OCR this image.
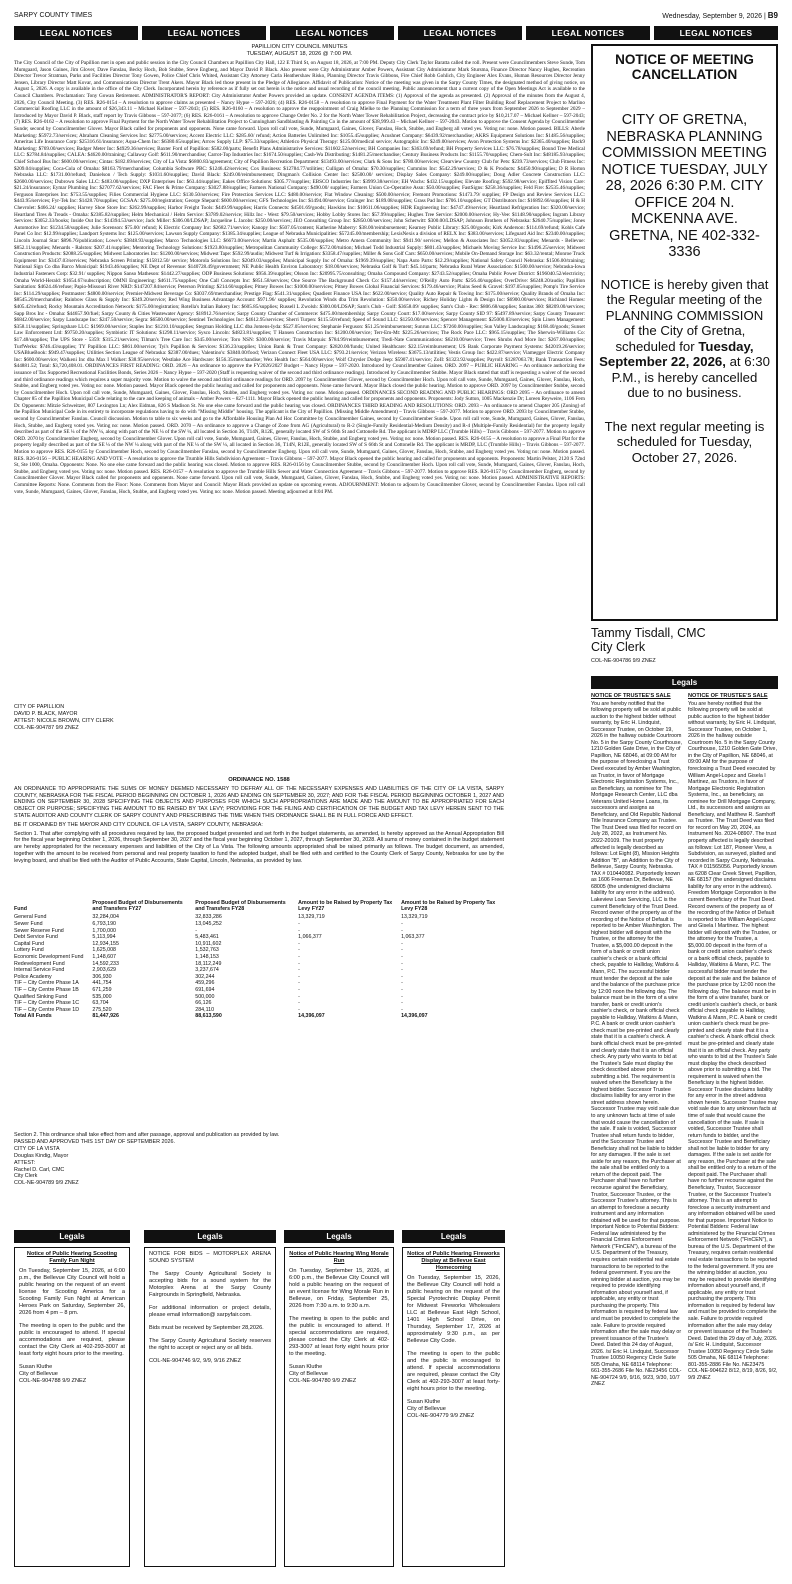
SARPY COUNTY TIMES	Wednesday, September 9, 2026 | B9
LEGAL NOTICES	LEGAL NOTICES	LEGAL NOTICES	LEGAL NOTICES	LEGAL NOTICES	LEGAL NOTICES
PAPILLION CITY COUNCIL MINUTES
TUESDAY, AUGUST 18, 2026 @ 7:00 PM.
The City Council of the City of Papillion met in open and public session in the City Council Chambers at Papillion City Hall, 122 E Third St, on August 18, 2026, at 7:00 PM. Deputy City Clerk Taylor Baratta called the roll. Present were Councilmembers Steve Sunde, Tom Mumgaard, Jason Gaines, Jim Glover, Dave Fanslau, Becky Hoch, Bob Stubbe, Steve Engberg, and Mayor David P. Black. Also present were City Administrator Amber Powers, Assistant City Administrator Mark Stursma, Finance Director Nancy Hughes, Recreation Director Trevor Stratman, Parks and Facilities Director Tony Gowen, Police Chief Chris Whited, Assistant City Attorney Carla Heathershaw Risko, Planning Director Travis Gibbons, Fire Chief Robb Gohlich, City Engineer Alex Evans, Human Resources Director Jenny Jensen, Library Director Matt Kovar, and Communications Director Trent Akers. Mayor Black led those present in the Pledge of Allegiance. Affidavit of Publication: Notice of the meeting was given in the Sarpy County Times, the designated method of giving notice, on August 5, 2026. A copy is available in the office of the City Clerk. Incorporated herein by reference as if fully set out herein is the notice and usual recording of the council meeting. Public announcement that a current copy of the Open Meetings Act is available to the Council Chambers. Proclamation: Tony Gowan Retirement. ADMINISTRATOR'S REPORT: City Administrator Amber Powers provided an update. CONSENT AGENDA ITEMS: (1) Approval of the agenda as presented. (2) Approval of the minutes from the August 4, 2026, City Council Meeting. (3) RES. R26-0154 – A resolution to approve claims as presented – Nancy Hypse – 597-2026; (4) RES. R26-0158 – A resolution to approve Final Payment for the Water Treatment Plant Filter Building Roof Replacement Project to Marlino Commercial Roofing LLC in the amount of $26,343.11 – Michael Kellner – 597-2043; (5) RES. R26-0160 – A resolution to approve the reappointment of Craig Mielke to the Planning Commission for a term of three years from September 2026 to September 2029 – Introduced by Mayor David P. Black, staff report by Travis Gibbons – 597-2077; (6) RES. R26-0161 – A resolution to approve Change Order No. 2 for the North Water Tower Rehabilitation Project, decreasing the contract price by $10,217.07 – Michael Kellner – 597-2043; (7) RES. R26-0162 – A resolution to approve Final Payment for the North Water Tower Rehabilitation Project to Cunningham Sandblasting & Painting Co in the amount of $38,999.43 – Michael Kellner – 597-2043. Motion to approve the Consent Agenda by Councilmember Sunde; second by Councilmember Glover. Mayor Black called for proponents and opponents. None came forward. Upon roll call vote, Sunde, Mumgaard, Gaines, Glover, Fanslau, Hoch, Stubbe, and Engberg all voted yes. Voting no: none. Motion passed. BILLS: Aberle Marketing: $5972.73/services; Abraham Cleaning Services Inc: $2775.00/services; Accent Electric LLC: $285.60/ refund; Action Batteries Unlimited Inc: $1055.45/supplies; Acushnet Company: $6439.92/merchandise; AKRS Equipment Solutions Inc: $1485.56/supplies; Ameritas Life Insurance Corp: $25316.61/insurance; Aqua-Chem Inc: $6380.65/supplies; Arrow Supply LLP: $75.33/supplies; Athletico Physical Therapy: $125.00/medical service; Autographic Inc: $249.00/services; Avon Protection Systems Inc: $2365.40/supplies; Back9 Marketing: $769.00/services; Badger Meter Inc: $4929.36/services; Baxter Ford of Papillion: $582.00/parts; Benefit Plans Administrative Services: $11602.52/services; BH Companies Inc: $363.69/refund; BH Property Services LLC: $76.78/supplies; Bound Tree Medical LLC: $2784.84/supplies; CALEA: $4620.00/training; Callaway Golf: $611.90/merchandise; Carrot-Top Industries Inc: $1674.50/supplies; Cash-Wa Distributing: $1481.25/merchandise; Century Business Products Inc: $1155.70/supplies; Chem-Sult Inc: $48185.93/supplies; Chief School Bus Inc: $600.00/services; Cintas: $182.69/services; City of La Vista: $6800.83/agreement; City of Papillion Recreation Department: $13493.00/services; Clark & Sons Inc: $780.00/services; Clearview Country Club for Pets: $239.73/services; Club Fitness Inc: $209.04/supplies; Coca-Cola of Omaha: $8163.79/merchandise; Columbia Software PBC: $1246.42/services; Cox Business: $12784.77/utilities; Culligan of Omaha: $70.30/supplies; Cummins Inc: $542.29/services; D & K Products: $4450.90/supplies; D R Horton Nebraska LLC: $1731.00/refund; Danielson / Tech Supply: $1031.60/supplies; David Black: $249.00/reimbursement; Dingman's Collision Center Inc: $2500.00/ services; Display Sales Company: $249.00/supplies; Doug Adler Concrete Construction LLC: $2600.00/services; Dubrown Sales LLC: $483.00/supplies; DXP Enterprises Inc: $63.44/supplies; Eakes Office Solutions: $305.77/supplies; EBSCO Industries Inc: $3999.38/service; EH Wachs: $432.15/supplies; Elevate Roofing: $592.98/service; Epiffited Vision Care: $21.24/insurance; Eymar Plumbing Inc: $27077.62/services; FAC Fleet & Prime Company: $3027.88/supplies; Farmers National Company: $490.00/ supplies; Farmers Union Co-Operative Assn: $50.00/supplies; FastSigns: $258.36/supplies; Feld Fire: $2535.46/supplies; Ferguson Enterprises Inc: $753.55/supplies; Filies Commercial Hygiene LLC: $130.50/services; Fire Protection Services LLC: $480.00/service; Flat Window Cleaning: $500.00/service; Fremont Promotions: $1473.79/ supplies; FP Design and Review Services LLC: $443.95/services; Fyr-Tek Inc: $1428.70/supplies; GCSAA: $275.00/registration; George Shepard: $600.00/services; GFS Technologies Inc: $1494.00/service; Grainger Inc: $189.08/supplies; Grass Pad Inc: $706.10/supplies; GT Distributors Inc: $16892.66/supplies; H & H Chevrolet: $466.24/ supplies; Harvey Shoe Store Inc: $262.99/supplies; Harbor Freight Tools: $449.99/supplies; Harris Connects: $4501.69/goods; Hawkins Inc: $10611.06/supplies; HDR Engineering Inc: $4747.49/service; Heartland Refrigeration Inc: $320.00/service; Heartland Tires & Treads - Omaha: $2385.82/supplies; Helm Mechanical / Helm Service: $3789.02/service; Hillz Inc - West: $79.50/services; Hobby Lobby Stores Inc: $57.99/supplies; Hughes Tree Service: $2000.00/service; Hy-Vee: $1148.90/supplies; Ingram Library Services: $3052.33/books; Inside Out Inc: $14394.53/service; Jack Miller: $306.00/LDSAP; Jacqueline L Jacobs: $250.00/services; JEO Consulting Group Inc: $2850.00/services; John Scherwitt: $300.00/LDSAP; Johnson Brothers of Nebraska: $2640.75/supplies; Jones Automotive Inc: $1234.58/supplies; Julie Sorenson: $75.00/ refund; K Electric Company Inc: $2682.71/service; Kanopy Inc: $507.05/content; Katherine Maberry: $38.00/reimbursement; Kearney Public Library: $25.00/goods; Kirk Anderson: $114.69/refund; Kohls Cafe Panel Co Inc: $12.99/supplies; Landport Systems Inc: $125.00/services; Lawson Supply Company: $1385.34/supplies; League of Nebraska Municipalities: $57245.00/membership; LexisNexis a division of RELX Inc: $383.00/services; Lifeguard Aid Inc: $2340.00/supplies; Lincoln Journal Star: $896.76/publication; Lowe's: $3848.93/supplies; Marco Technologies LLC: $6673.00/service; Martin Asphalt: $535.00/supplies; Metro Amera Community Inc: $941.90/ services; Mellon & Associates Inc: $3052.83/supplies; Menards - Bellevue: $852.11/supplies; Menards - Ralston: $207.41/supplies; Mentoring Technology Solutions: $1923.80/supplies; Metropolitan Community College: $572.00/tuition; Michael Todd Industrial Supply: $801.43/supplies; Michaels Moving Service Inc: $1496.25/service; Midwest Construction Products: $2088.25/supplies; Midwest Laboratories Inc: $1200.00/services; Midwest Tape: $592.99/audio; Midwest Turf & Irrigation: $3358.47/supplies; Miller & Sons Golf Cars: $650.00/services; Mobile On-Demand Storage Inc: $63.32/rental; Monroe Truck Equipment Inc: $3437.03/services; Nebraska Screen Printing: $15812.50/ service; Motorola Solutions Inc: $2049.03/supplies; Municipal Supply Inc of Omaha: $1969.39/supplies; Napa Auto Parts: $12.29/supplies; National Safety Council Nebraska: $1506.00/training; National Sign Co dba Barco Municipal: $1943.46/supplies; NE Dept of Revenue: $140728.49/government; NE Public Health Environ Laboratory: $18.00/services; Nebraska Golf & Turf: $45.14/parts; Nebraska Rural Water Association: $1500.00/service; Nebraska-Iowa Industrial Fasteners Corp: $32.91/ supplies; Nippon Sanso Matheson: $1442.27/supplies; ODP Business Solutions: $956.39/supplies; Olsson Inc: $20995.75/consulting; Omaha Compound Company: $2743.52/supplies; Omaha Public Power District: $196040.52/electricity; Omaha World-Herald: $1654.67/subscription; OMNI Engineering: $4611.75/supplies; One Call Concepts Inc: $851.58/services; One Source The Background Check Co: $157.44/services; O'Reilly Auto Parts: $256.40/supplies; OverDrive: $6248.20/audio; Papillion Sanitation: $4624.46/refuse; Papio-Missouri River NRD: $147207.84/service; Peterson Printing: $214.60/supplies; Pitney Bowes Inc: $1000.00/services; Pitney Bowes Global Financial Services: $179.46/service; Plains Seed & Gravel: $197.05/supplies; Pomp's Tire Service Inc: $114.29/supplies; Postmaster: $4800.00/service; Premier-Midwest Beverage Co: $3037.69/merchandise; Prestige Flag: $541.31/supplies; Quadient Finance USA Inc: $622.00/service; Quality Auto Repair & Towing Inc: $175.00/service; Quality Brands of Omaha Inc: $8545.20/merchandise; Rainbow Glass & Supply Inc: $349.20/service; Red Wing Business Advantage Account: $971.96/ supplies; Revolution Winds dba Trim Revolution: $350.00/service; Richey Holiday Lights & Design Inc: $6900.00/services; Richland Homes: $405.42/refund; Rocky Mountain Accreditation Network: $175.00/registration; Rotella's Italian Bakery Inc: $605.85/supplies; Russell L Zwolsh: $300.00/LDSAP; Sam's Club - Golf: $3658.09/ supplies; Sam's Club - Rec: $806.68/supplies; Sanitas 360: $8209.00/services; Sapp Bros Inc - Omaha: $44657.90/fuel; Sarpy County & Cities Wastewater Agency: $18912.76/service; Sarpy County Chamber of Commerce: $475.00/membership; Sarpy County Court: $17.00/service; Sarpy County SID 97: $5497.89/service; Sarpy County Treasurer: $6842.00/service; Sarpy Landscape Inc: $247.50/service; Segra: $6500.00/service; Sentinel Technologies Inc: $4612.95/services; Sherri Turpen: $115.50/refund; Speed of Sound LLC: $1250.00/services; Spencer Management: $25000.83/services; Spin Linen Management: $358.11/supplies; Springshare LLC: $1969.00/service; Staples Inc: $1210.10/supplies; Stegman Holding LLC dba Jomens-Iyda: $527.05/services; Stephanie Ferguson: $51.25/reimbursement; Sunrun LLC: $7260.00/supplies; Sun Valley Landscaping: $168.40/goods; Sunset Law Enforcement Ltd: $9750.20/supplies; Symbiotic IT Solutions: $1298.11/service; Sysco Lincoln: $4823.81/supplies; T Hansen Construction Inc: $1200.00/service; Terr-Em-Mt: $225.26/services; The Rock Pace LLC: $965.15/supplies; The Sherwin-Williams Co: $17.48/supplies; The UPS Store - 5359: $315.21/services; Tilman's Tree Care Inc: $345.00/service; Toro NSN: $300.00/service; Travis Marquis: $784.99/reimbursement; Tredi-Nate Communications: $6210.00/service; Trees Shrubs And More Inc: $267.00/supplies; TurfWerks: $746.43/supplies; TY Papillion LLC: $861.00/service; Tyi's Papillion & Services: $136.23/supplies; Union Bank & Trust Company: $2820.00/funds; United Healthcare: $22.15/reimbursement; US Bank Corporate Payment Systems: $42019.26/service; USABlueBook: $949.47/supplies; Utilities Section League of Nebraska: $2387.00/dues; Valentino's: $3840.00/food; Verizon Connect Fleet USA LLC: $793.21/service; Verizon Wireless: $3675.13/utilities; Vestis Group Inc: $422.87/service; Viamegger Electric Company Inc: $600.00/service; Walkeni Inc dba Max I Walker: $38.95/service; Westlake Ace Hardware: $156.35/merchandise; Wex Health Inc: $564.00/service; Wolf Chrysler Dodge Jeep: $5907.41/service; ZoII: $1323.92/supplies; Payroll: $1287063.78; Bank Transaction Fees: $44881.52; Total: $3,720,408.01. ORDINANCES FIRST READING: ORD. 2026 – An ordinance to approve the FY2026/2027 Budget – Nancy Hypse – 597-2020. Introduced by Councilmember Gaines. ORD. 2097 – PUBLIC HEARING – An ordinance authorizing the issuance of Tax Supported Recreational Facilities Bonds, Series 2026 – Nancy Hypse – 597-2020 (Staff is requesting waiver of the second and third ordinance readings). Introduced by Councilmember Stubbe. Mayor Black stated that staff is requesting a waiver of the second and third ordinance readings which requires a super majority vote. Motion to waive the second and third ordinance readings for ORD. 2097 by Councilmember Glover, second by Councilmember Hoch. Upon roll call vote, Sunde, Mumgaard, Gaines, Glover, Fanslau, Hoch, Stubbe, and Engberg voted yes. Voting no: none. Motion passed. Mayor Black opened the public hearing and called for proponents and opponents. None came forward. Mayor Black closed the public hearing. Motion to approve ORD. 2097 by Councilmember Stubbe, second by Councilmember Hoch. Upon roll call vote, Sunde, Mumgaard, Gaines, Glover, Fanslau, Hoch, Stubbe, and Engberg voted yes. Voting no: none. Motion passed. ORDINANCES SECOND READING AND PUBLIC HEARINGS: ORD 2095 – An ordinance to amend Chapter 85 of the Papillion Municipal Code relating to the care and keeping of animals – Amber Powers – 827-1111. Mayor Black opened the public hearing and called for proponents and opponents. Proponents: Jody Sutton, 1005 Mackenzie Dr; Loreen Reyweire, 1106 Fern Dr. Opponents: Mitzie Schweitzer, 807 Lexington Ln; Alex Eidman, 826 S Madison St. No one else came forward and the public hearing was closed. ORDINANCES THIRD READING AND RESOLUTIONS: ORD. 2093 – An ordinance to amend Chapter 205 (Zoning) of the Papillion Municipal Code in its entirety to incorporate regulations having to do with "Missing Middle" housing. The applicant is the City of Papillion. (Missing Middle Amendment) – Travis Gibbons – 597-2077. Motion to approve ORD. 2093 by Councilmember Stubbe, second by Councilmember Fanslau. Council discussion. Motion to table to six weeks and go to the Affordable Housing Plan Ad Hoc Committee by Councilmember Gaines, second by Councilmember Sunde. Upon roll call vote, Sunde, Mumgaard, Gaines, Glover, Fanslau, Hoch, Stubbe, and Engberg voted yes. Voting no: none. Motion passed. ORD. 2070 – An ordinance to approve a Change of Zone from AG (Agricultural) to R-2 (Single-Family Residential-Medium Density) and R-4 (Multiple-Family Residential) for the property legally described as part of the SE ¼ of the NW ¼, along with part of the NE ¼ of the SW ¼, all located in Section 36, T14N, R12E, generally located SW of S 66th St and Cottonelle Rd. The applicant is MDRP LLC (Trumble Hills) – Travis Gibbons – 597-2077. Motion to approve ORD. 2070 by Councilmember Engberg, second by Councilmember Glover. Upon roll call vote, Sunde, Mumgaard, Gaines, Glover, Fanslau, Hoch, Stubbe, and Engberg voted yes. Voting no: none. Motion passed. RES. R26-0155 – A resolution to approve a Final Plat for the property legally described as part of the SE ¼ of the NW ¼ along with part of the NE ¼ of the SW ¼, all located in Section 36, T14N, R12E, generally located SW of S 66th St and Cottonelle Rd. The applicant is MRDP, LLC (Trumble Hills) – Travis Gibbons – 597-2077. Motion to approve RES. R26-0155 by Councilmember Hoch, second by Councilmember Fanslau, second by Councilmember Engberg. Upon roll call vote, Sunde, Mumgaard, Gaines, Glover, Fanslau, Hoch, Stubbe, and Engberg voted yes. Voting no: none. Motion passed. RES. R26-0156 – PUBLIC HEARING AND VOTE – A resolution to approve the Trumble Hills Subdivision Agreement – Travis Gibbons – 597-2077. Mayor Black opened the public hearing and called for proponents and opponents. Proponents: Martin Pelster, 2120 S 72nd St, Ste 1000, Omaha. Opponents: None. No one else came forward and the public hearing was closed. Motion to approve RES. R26-0156 by Councilmember Stubbe, second by Councilmember Hoch. Upon roll call vote, Sunde, Mumgaard, Gaines, Glover, Fanslau, Hoch, Stubbe, and Engberg voted yes. Voting no: none. Motion passed. RES. R26-0157 – A resolution to approve the Trumble Hills Sewer and Water Connection Agreement – Travis Gibbons – 597-2077. Motion to approve RES. R26-0157 by Councilmember Engberg, second by Councilmember Glover. Mayor Black called for proponents and opponents. None came forward. Upon roll call vote, Sunde, Mumgaard, Gaines, Glover, Fanslau, Hoch, Stubbe, and Engberg voted yes. Voting no: none. Motion passed. ADMINISTRATIVE REPORTS: Committee Reports: None. Comments from the Floor: None. Comments from Mayor and Council: Mayor Black provided an update on upcoming events. ADJOURNMENT: Motion to adjourn by Councilmember Glover, second by Councilmember Fanslau. Upon roll call vote, Sunde, Mumgaard, Gaines, Glover, Fanslau, Hoch, Stubbe, and Engberg voted yes. Voting no: none. Motion passed. Meeting adjourned at 8:04 PM.
CITY OF PAPILLION
DAVID P. BLACK, MAYOR
ATTEST: NICOLE BROWN, CITY CLERK
COL-NE-904787 9/9 ZNEZ
NOTICE OF MEETING CANCELLATION
CITY OF GRETNA, NEBRASKA PLANNING COMMISSION MEETING NOTICE TUESDAY, JULY 28, 2026 6:30 P.M. CITY OFFICE 204 N. MCKENNA AVE. GRETNA, NE 402-332-3336
NOTICE is hereby given that the Regular meeting of the PLANNING COMMISSION of the City of Gretna, scheduled for Tuesday, September 22, 2026, at 6:30 P.M., is hereby cancelled due to no business.
The next regular meeting is scheduled for Tuesday, October 27, 2026.
Tammy Tisdall, CMC
City Clerk
COL-NE-904786 9/9 ZNEZ
Legals
NOTICE OF TRUSTEE'S SALE
You are hereby notified that the following property will be sold at public auction to the highest bidder without warranty, by Eric H. Lindquist, Successor Trustee, on October 19, 2026 in the hallway outside Courtroom No. 5 in the Sarpy County Courthouse, 1210 Golden Gate Drive, in the City of Papillion, NE 68046, at 09:00 AM for the purpose of foreclosing a Trust Deed executed by Amber Washington, as Trustor, in favor of Mortgage Electronic Registration Systems, Inc., as Beneficiary, as nominee for The Mortgage Research Center, LLC dba Veterans United Home Loans, its successors and assigns as Beneficiary, and Old Republic National Title Insurance Company as Trustee. The Trust Deed was filed for record on July 28, 2022, as Instrument No. 2022-20109. The trust property affected is legally described as follows: Lot Eight (8), Mission Heights Addition "B", an Addition to the City of Bellevue, Sarpy County, Nebraska. TAX # 010440082. Purportedly known as 1606 Freeman Dr, Bellevue, NE 68005 (the undersigned disclaims liability for any error in the address). Lakeview Loan Servicing, LLC is the current Beneficiary of the Trust Deed. Record owner of the property as of the recording of the Notice of Default is reported to be Amber Washington. The highest bidder will deposit with the Trustee, or the attorney for the Trustee, a $5,000.00 deposit in the form of a bank or credit union cashier's check or a bank official check, payable to Halliday, Watkins & Mann, P.C. The successful bidder must tender the deposit at the sale and the balance of the purchase price by 12:00 noon the following day. The balance must be in the form of a wire transfer, bank or credit union's cashier's check, or bank official check payable to Halliday, Watkins & Mann, P.C. A bank or credit union cashier's check must be pre-printed and clearly state that it is a cashier's check. A bank official check must be pre-printed and clearly state that it is an official check. Any party who wants to bid at the Trustee's Sale must display the check described above prior to submitting a bid. The requirement is waived when the Beneficiary is the highest bidder. Successor Trustee disclaims liability for any error in the street address shown herein. Successor Trustee may void sale due to any unknown facts at time of sale that would cause the cancellation of the sale. If sale is voided, Successor Trustee shall return funds to bidder, and the Successor Trustee and Beneficiary shall not be liable to bidder for any damages. If the sale is set aside for any reason, the Purchaser at the sale shall be entitled only to a return of the deposit paid. The Purchaser shall have no further recourse against the Beneficiary, Trustor, Successor Trustee, or the Successor Trustee's attorney. This is an attempt to foreclose a security instrument and any information obtained will be used for that purpose. Important Notice to Potential Bidders: Federal law administered by the Financial Crimes Enforcement Network ("FinCEN"), a bureau of the U.S. Department of the Treasury, requires certain residential real estate transactions to be reported to the federal government. If you are the winning bidder at auction, you may be required to provide identifying information about yourself and, if applicable, any entity or trust purchasing the property. This information is required by federal law and must be provided to complete the sale. Failure to provide required information after the sale may delay or prevent issuance of the Trustee's Deed. Dated this 24 day of August, 2026. /s/ Eric H. Lindquist, Successor Trustee 10050 Regency Circle Suite 505 Omaha, NE 68114 Telephone: 661-355-2686 File No. NE23456 COL-NE-904724 9/9, 9/16, 9/23, 9/30, 10/7 ZNEZ
NOTICE OF TRUSTEE'S SALE
You are hereby notified that the following property will be sold at public auction to the highest bidder without warranty, by Eric H. Lindquist, Successor Trustee, on October 1, 2026 in the hallway outside Courtroom No. 5 in the Sarpy County Courthouse, 1210 Golden Gate Drive, in the City of Papillion, NE 68046, at 09:00 AM for the purpose of foreclosing a Trust Deed executed by William Angel-Lopez and Gisela I Martinez, as Trustors, in favor of Mortgage Electronic Registration Systems, Inc., as beneficiary, as nominee for Drill Mortgage Company, Ltd., its successors and assigns as Beneficiary, and Matthew R. Samhoff as Trustee. The Trust Deed was filed for record on May 20, 2024, as Instrument No. 2024-08907. The trust property affected is legally described as follows: Lot 187, Pioneer View, a Subdivision, as surveyed, platted and recorded in Sarpy County, Nebraska. TAX # 011565056. Purportedly known as 6208 Clear Creek Street, Papillion, NE 68157 (the undersigned disclaims liability for any error in the address). Freedom Mortgage Corporation is the current Beneficiary of the Trust Deed. Record owners of the property as of the recording of the Notice of Default is reported to be William Angel-Lopez and Gisela I Martinez. The highest bidder will deposit with the Trustee, or the attorney for the Trustee, a $5,000.00 deposit in the form of a bank or credit union cashier's check or a bank official check, payable to Halliday, Watkins & Mann, P.C. The successful bidder must tender the deposit at the sale and the balance of the purchase price by 12:00 noon the following day. The balance must be in the form of a wire transfer, bank or credit union's cashier's check, or bank official check payable to Halliday, Watkins & Mann, P.C. A bank or credit union cashier's check must be pre-printed and clearly state that it is a cashier's check. A bank official check must be pre-printed and clearly state that it is an official check. Any party who wants to bid at the Trustee's Sale must display the check described above prior to submitting a bid. The requirement is waived when the Beneficiary is the highest bidder. Successor Trustee disclaims liability for any error in the street address shown herein. Successor Trustee may void sale due to any unknown facts at time of sale that would cause the cancellation of the sale. If sale is voided, Successor Trustee shall return funds to bidder, and the Successor Trustee and Beneficiary shall not be liable to bidder for any damages. If the sale is set aside for any reason, the Purchaser at the sale shall be entitled only to a return of the deposit paid. The Purchaser shall have no further recourse against the Beneficiary, Trustor, Successor Trustee, or the Successor Trustee's attorney. This is an attempt to foreclose a security instrument and any information obtained will be used for that purpose. Important Notice to Potential Bidders: Federal law administered by the Financial Crimes Enforcement Network ("FinCEN"), a bureau of the U.S. Department of the Treasury, requires certain residential real estate transactions to be reported to the federal government. If you are the winning bidder at auction, you may be required to provide identifying information about yourself and, if applicable, any entity or trust purchasing the property. This information is required by federal law and must be provided to complete the sale. Failure to provide required information after the sale may delay or prevent issuance of the Trustee's Deed. Dated this 29 day of July, 2026. /s/ Eric H. Lindquist, Successor Trustee 10050 Regency Circle Suite 505 Omaha, NE 68114 Telephone: 801-355-2886 File No. NE23475 COL-NE-904622 8/12, 8/19, 8/26, 9/2, 9/9 ZNEZ
ORDINANCE NO. 1588
AN ORDINANCE TO APPROPRIATE THE SUMS OF MONEY DEEMED NECESSARY TO DEFRAY ALL OF THE NECESSARY EXPENSES AND LIABILITIES OF THE CITY OF LA VISTA, SARPY COUNTY, NEBRASKA FOR THE FISCAL PERIOD BEGINNING ON OCTOBER 1, 2026 AND ENDING ON SEPTEMBER 30, 2027; AND FOR THE FISCAL PERIOD BEGINNING OCTOBER 1, 2027 AND ENDING ON SEPTEMBER 30, 2028 SPECIFYING THE OBJECTS AND PURPOSES FOR WHICH SUCH APPROPRIATIONS ARE MADE AND THE AMOUNT TO BE APPROPRIATED FOR EACH OBJECT OR PURPOSE; SPECIFYING THE AMOUNT TO BE RAISED BY TAX LEVY; PROVIDING FOR THE FILING AND CERTIFICATION OF THE BUDGET AND TAX LEVY HEREIN SENT TO THE STATE AUDITOR AND COUNTY CLERK OF SARPY COUNTY AND PRESCRIBING THE TIME WHEN THIS ORDINANCE SHALL BE IN FULL FORCE AND EFFECT.
BE IT ORDAINED BY THE MAYOR AND CITY COUNCIL OF LA VISTA, SARPY COUNTY, NEBRASKA:
Section 1. That after complying with all procedures required by law, the proposed budget presented and set forth in the budget statements, as amended, is hereby approved as the Annual Appropriation Bill for the fiscal year beginning October 1, 2026, through September 30, 2027 and the fiscal year beginning October 1, 2027, through September 30, 2028. All sums of money contained in the budget statement are hereby appropriated for the necessary expenses and liabilities of the City of La Vista. The following amounts appropriated shall be raised primarily as follows. The budget document, as amended, together with the amount to be received from personal and real property taxation to fund the adopted budget, shall be filed with and certified to the County Clerk of Sarpy County, Nebraska for use by the levying board, and shall be filed with the Auditor of Public Accounts, State Capital, Lincoln, Nebraska, as provided by law.
Fund	Proposed Budget of Disbursements and Transfers FY27	Proposed Budget of Disbursements and Transfers FY28	Amount to be Raised by Property Tax Levy FY27	Amount to be Raised by Property Tax Levy FY28
General Fund	32,284,004	32,833,286	13,329,719	13,329,719
Sewer Fund	6,793,190	13,045,252	-	-
Sewer Reserve Fund	1,700,000	-	-	-
Debt Service Fund	5,113,994	5,483,461	1,066,377	1,063,377
Capital Fund	12,934,155	10,911,602	-	-
Lottery Fund	1,625,008	1,532,763	-	-
Economic Development Fund	1,148,607	1,148,153	-	-
Redevelopment Fund	14,592,233	18,112,249	-	-
Internal Service Fund	2,903,629	3,237,674	-	-
Police Academy	306,930	302,244	-	-
TIF – City Centre Phase 1A	441,754	459,296	-	-
TIF – City Centre Phase 1B	671,259	691,694	-	-
Qualified Sinking Fund	535,000	500,000	-	-
TIF – City Centre Phase 1C	63,704	66,126	-	-
TIF – City Centre Phase 1D	275,520	284,110	-	-
Total All Funds	81,447,926	88,613,590	14,396,097	14,396,097
Section 2. This ordinance shall take effect from and after passage, approval and publication as provided by law.
PASSED AND APPROVED THIS 1ST DAY OF SEPTEMBER 2026.
CITY OF LA VISTA
Douglas Kindig, Mayor
ATTEST:
Rachel D. Carl, CMC
City Clerk
COL-NE-904789 9/9 ZNEZ
Legals	Legals	Legals	Legals
Notice of Public Hearing Scooting Family Fun Night

On Tuesday, September 15, 2026, at 6:00 p.m., the Bellevue City Council will hold a public hearing on the request of an event license for Scooting America for a Scooting Family Fun Night at American Heroes Park on Saturday, September 26, 2026 from 4 pm – 8 pm.

The meeting is open to the public and the public is encouraged to attend. If special accommodations are required, please contact the City Clerk at 402-293-3007 at least forty eight hours prior to the meeting.

Susan Kluthe
City of Bellevue
COL-NE-904788 9/9 ZNEZ

NOTICE FOR BIDS – MOTORPLEX ARENA SOUND SYSTEM

The Sarpy County Agricultural Society is accepting bids for a sound system for the Motorplex Arena at the Sarpy County Fairgrounds in Springfield, Nebraska.

For additional information or project details, please email information@ sarpyfair.com.

Bids must be received by September 28,2026.

The Sarpy County Agricultural Society reserves the right to accept or reject any or all bids.

COL-NE-904746 9/2, 9/9, 9/16 ZNEZ
Notice of Public Hearing Wing Morale Run

On Tuesday, September 15, 2026, at 6:00 p.m., the Bellevue City Council will hold a public hearing on the request of an event license for Wing Morale Run in Bellevue, on Friday, September 25, 2026 from 7:30 a.m. to 9:30 a.m.

The meeting is open to the public and the public is encouraged to attend. If special accommodations are required, please contact the City Clerk at 402-293-3007 at least forty eight hours prior to the meeting.

Susan Kluthe
City of Bellevue
COL-NE-904780 9/9 ZNEZ
Notice of Public Hearing Fireworks Display at Bellevue East Homecoming

On Tuesday, September 15, 2026, the Bellevue City Council will hold a public hearing on the request of the Special Pyrotechnic Display Permit for Midwest Fireworks Wholesalers LLC at Bellevue East High School, 1401 High School Drive, on Thursday, September 17, 2026 at approximately 9:30 p.m., as per Bellevue City Code.

The meeting is open to the public and the public is encouraged to attend. If special accommodations are required, please contact the City Clerk at 402-293-3007 at least forty-eight hours prior to the meeting.

Susan Kluthe
City of Bellevue
COL-NE-904779 9/9 ZNEZ
